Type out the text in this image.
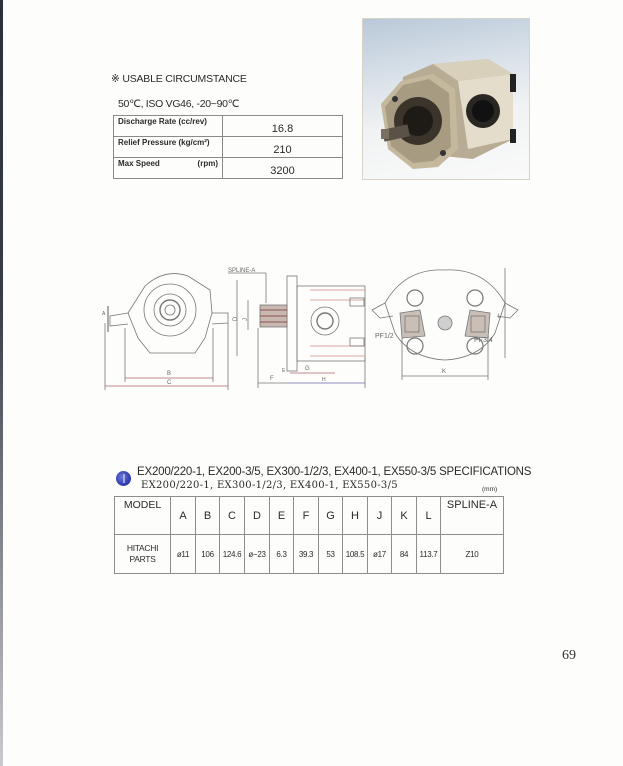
※ USABLE CIRCUMSTANCE
50℃, ISO VG46, -20~90℃
Discharge Rate (cc/rev)	16.8
Relief Pressure (kg/cm²)	210

Max Speed (rpm)	3200
B
C
A
SPLINE-A
D J
F
G
H
E
PF1/2
PF3/4
K
L
EX200/220-1, EX200-3/5, EX300-1/2/3, EX400-1, EX550-3/5 SPECIFICATIONS
EX200/220-1, EX300-1/2/3, EX400-1, EX550-3/5	(mm)
MODEL	A	B	C	D	E	F	G	H	J	K	L	SPLINE-A

HITACHI
PARTS	ø11	106	124.6	ø−23	6.3	39.3	53	108.5	ø17	84	113.7	Z10
69
